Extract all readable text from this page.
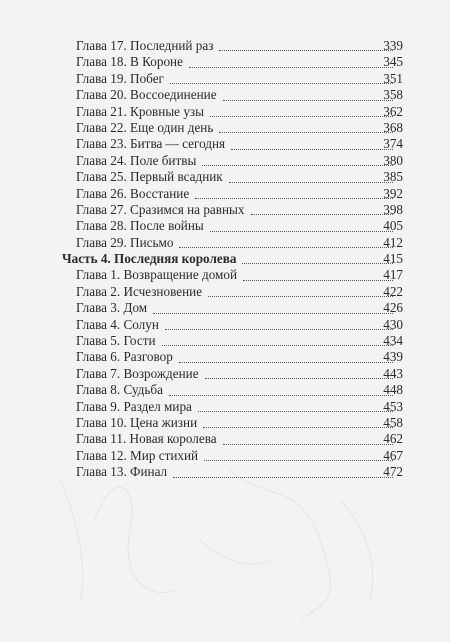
Глава 17. Последний раз	339
Глава 18. В Короне	345
Глава 19. Побег	351
Глава 20. Воссоединение	358
Глава 21. Кровные узы	362
Глава 22. Еще один день	368
Глава 23. Битва — сегодня	374
Глава 24. Поле битвы	380
Глава 25. Первый всадник	385
Глава 26. Восстание	392
Глава 27. Сразимся на равных	398
Глава 28. После войны	405
Глава 29. Письмо	412
Часть 4. Последняя королева	415
Глава 1. Возвращение домой	417
Глава 2. Исчезновение	422
Глава 3. Дом	426
Глава 4. Солун	430
Глава 5. Гости	434
Глава 6. Разговор	439
Глава 7. Возрождение	443
Глава 8. Судьба	448
Глава 9. Раздел мира	453
Глава 10. Цена жизни	458
Глава 11. Новая королева	462
Глава 12. Мир стихий	467
Глава 13. Финал	472
